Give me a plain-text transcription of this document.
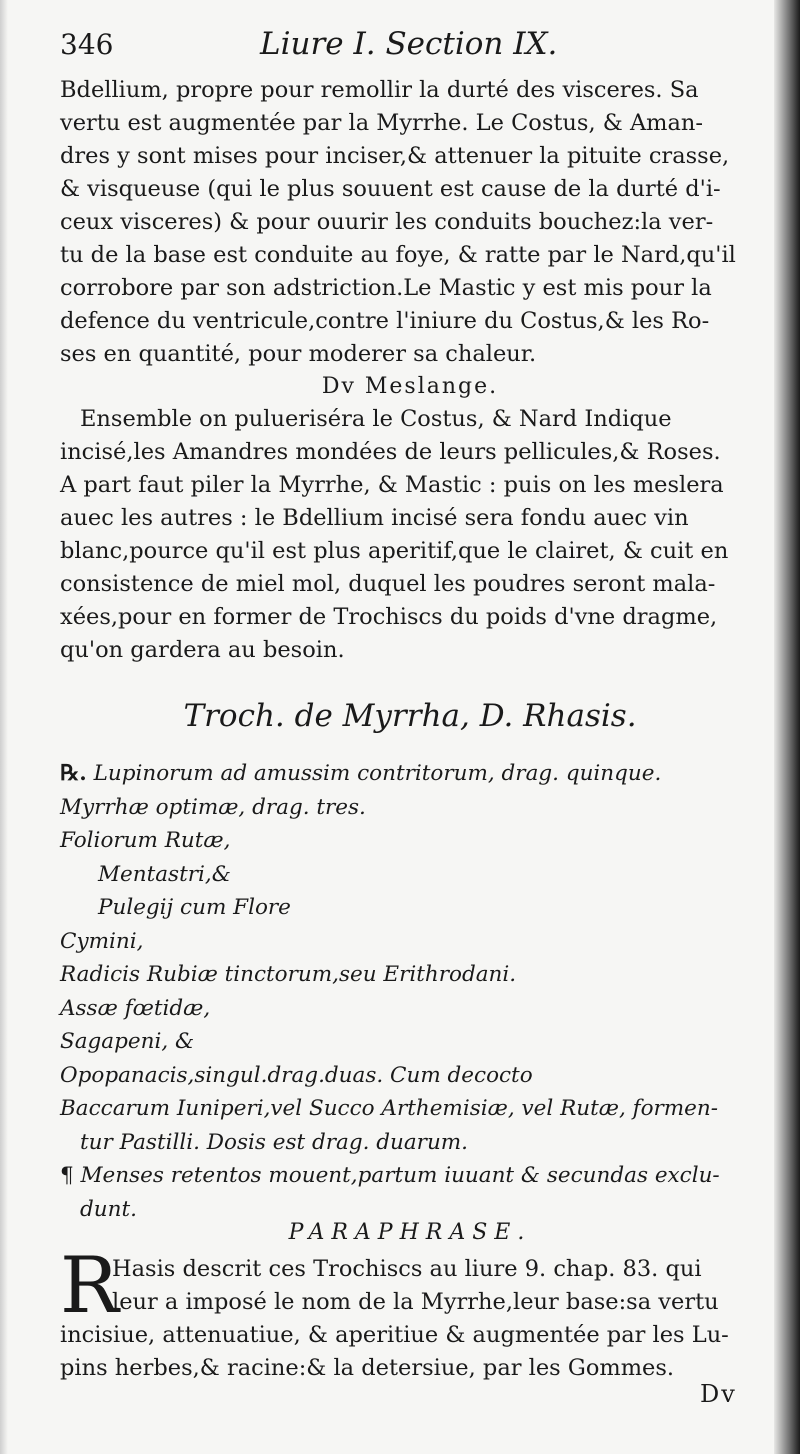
346	Liure I. Section IX.
Bdellium, propre pour remollir la durté des visceres. Sa
vertu est augmentée par la Myrrhe. Le Costus, & Aman-
dres y sont mises pour inciser,& attenuer la pituite crasse,
& visqueuse (qui le plus souuent est cause de la durté d'i-
ceux visceres) & pour ouurir les conduits bouchez:la ver-
tu de la base est conduite au foye, & ratte par le Nard,qu'il
corrobore par son adstriction.Le Mastic y est mis pour la
defence du ventricule,contre l'iniure du Costus,& les Ro-
ses en quantité, pour moderer sa chaleur.
Dv Meslange.
Ensemble on pulueriséra le Costus, & Nard Indique
incisé,les Amandres mondées de leurs pellicules,& Roses.
A part faut piler la Myrrhe, & Mastic : puis on les meslera
auec les autres : le Bdellium incisé sera fondu auec vin
blanc,pource qu'il est plus aperitif,que le clairet, & cuit en
consistence de miel mol, duquel les poudres seront mala-
xées,pour en former de Trochiscs du poids d'vne dragme,
qu'on gardera au besoin.
Troch. de Myrrha, D. Rhasis.
℞. Lupinorum ad amussim contritorum, drag. quinque.
Myrrhæ optimæ, drag. tres.
Foliorum Rutæ,
Mentastri,&
Pulegij cum Flore
Cymini,
Radicis Rubiæ tinctorum,seu Erithrodani.
Assæ fœtidæ,
Sagapeni, &
Opopanacis,singul.drag.duas. Cum decocto
Baccarum Iuniperi,vel Succo Arthemisiæ, vel Rutæ, formen-
tur Pastilli. Dosis est drag. duarum.
¶ Menses retentos mouent,partum iuuant & secundas exclu-
dunt.
PARAPHRASE.
R
Hasis descrit ces Trochiscs au liure 9. chap. 83. qui
leur a imposé le nom de la Myrrhe,leur base:sa vertu
incisiue, attenuatiue, & aperitiue & augmentée par les Lu-
pins herbes,& racine:& la detersiue, par les Gommes.
Dv
